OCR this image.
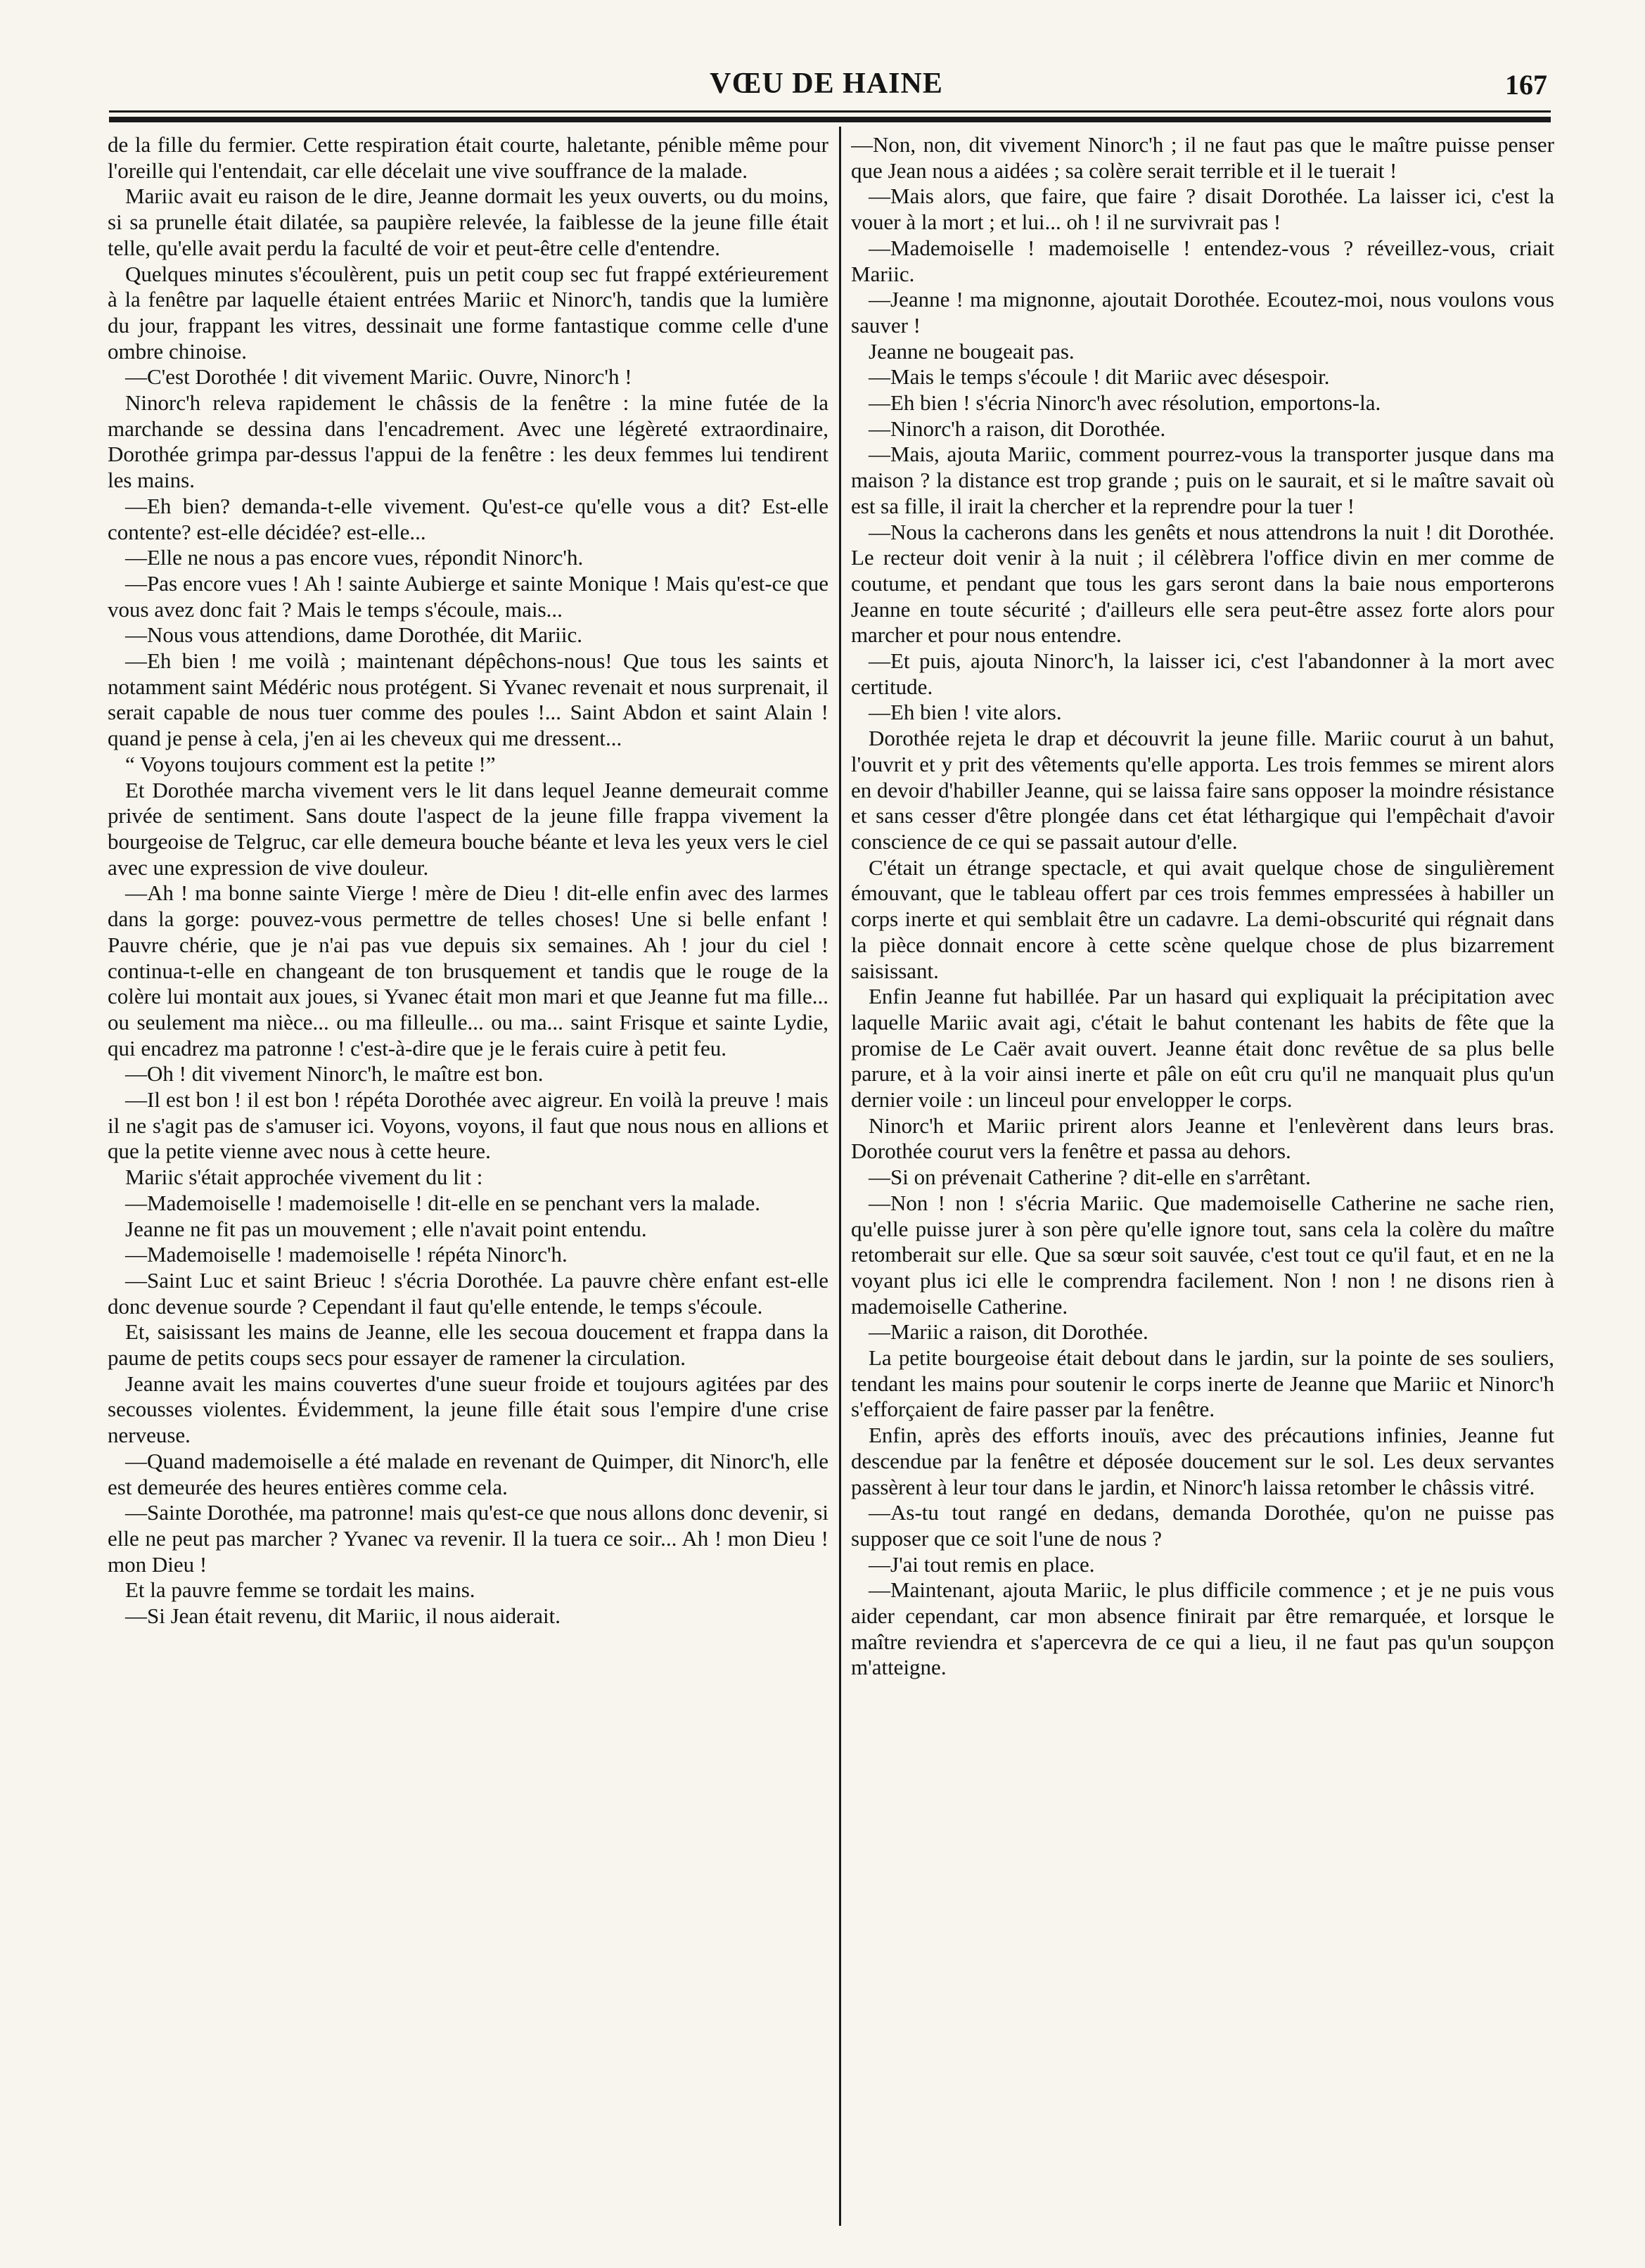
VŒU DE HAINE	167

de la fille du fermier. Cette respiration était courte, haletante, pénible même pour l'oreille qui l'entendait, car elle décelait une vive souffrance de la malade.

Mariic avait eu raison de le dire, Jeanne dormait les yeux ouverts, ou du moins, si sa prunelle était dilatée, sa paupière relevée, la faiblesse de la jeune fille était telle, qu'elle avait perdu la faculté de voir et peut-être celle d'entendre.

Quelques minutes s'écoulèrent, puis un petit coup sec fut frappé extérieurement à la fenêtre par laquelle étaient entrées Mariic et Ninorc'h, tandis que la lumière du jour, frappant les vitres, dessinait une forme fantastique comme celle d'une ombre chinoise.

—C'est Dorothée ! dit vivement Mariic. Ouvre, Ninorc'h !

Ninorc'h releva rapidement le châssis de la fenêtre : la mine futée de la marchande se dessina dans l'encadrement. Avec une légèreté extraordinaire, Dorothée grimpa par-dessus l'appui de la fenêtre : les deux femmes lui tendirent les mains.

—Eh bien? demanda-t-elle vivement. Qu'est-ce qu'elle vous a dit? Est-elle contente? est-elle décidée? est-elle...

—Elle ne nous a pas encore vues, répondit Ninorc'h.

—Pas encore vues ! Ah ! sainte Aubierge et sainte Monique ! Mais qu'est-ce que vous avez donc fait ? Mais le temps s'écoule, mais...

—Nous vous attendions, dame Dorothée, dit Mariic.

—Eh bien ! me voilà ; maintenant dépêchons-nous! Que tous les saints et notamment saint Médéric nous protégent. Si Yvanec revenait et nous surprenait, il serait capable de nous tuer comme des poules !... Saint Abdon et saint Alain ! quand je pense à cela, j'en ai les cheveux qui me dressent...

“ Voyons toujours comment est la petite !”

Et Dorothée marcha vivement vers le lit dans lequel Jeanne demeurait comme privée de sentiment. Sans doute l'aspect de la jeune fille frappa vivement la bourgeoise de Telgruc, car elle demeura bouche béante et leva les yeux vers le ciel avec une expression de vive douleur.

—Ah ! ma bonne sainte Vierge ! mère de Dieu ! dit-elle enfin avec des larmes dans la gorge: pouvez-vous permettre de telles choses! Une si belle enfant ! Pauvre chérie, que je n'ai pas vue depuis six semaines. Ah ! jour du ciel ! continua-t-elle en changeant de ton brusquement et tandis que le rouge de la colère lui montait aux joues, si Yvanec était mon mari et que Jeanne fut ma fille... ou seulement ma nièce... ou ma filleulle... ou ma... saint Frisque et sainte Lydie, qui encadrez ma patronne ! c'est-à-dire que je le ferais cuire à petit feu.

—Oh ! dit vivement Ninorc'h, le maître est bon.

—Il est bon ! il est bon ! répéta Dorothée avec aigreur. En voilà la preuve ! mais il ne s'agit pas de s'amuser ici. Voyons, voyons, il faut que nous nous en allions et que la petite vienne avec nous à cette heure.

Mariic s'était approchée vivement du lit :

—Mademoiselle ! mademoiselle ! dit-elle en se penchant vers la malade.

Jeanne ne fit pas un mouvement ; elle n'avait point entendu.

—Mademoiselle ! mademoiselle ! répéta Ninorc'h.

—Saint Luc et saint Brieuc ! s'écria Dorothée. La pauvre chère enfant est-elle donc devenue sourde ? Cependant il faut qu'elle entende, le temps s'écoule.

Et, saisissant les mains de Jeanne, elle les secoua doucement et frappa dans la paume de petits coups secs pour essayer de ramener la circulation.

Jeanne avait les mains couvertes d'une sueur froide et toujours agitées par des secousses violentes. Évidemment, la jeune fille était sous l'empire d'une crise nerveuse.

—Quand mademoiselle a été malade en revenant de Quimper, dit Ninorc'h, elle est demeurée des heures entières comme cela.

—Sainte Dorothée, ma patronne! mais qu'est-ce que nous allons donc devenir, si elle ne peut pas marcher ? Yvanec va revenir. Il la tuera ce soir... Ah ! mon Dieu ! mon Dieu !

Et la pauvre femme se tordait les mains.

—Si Jean était revenu, dit Mariic, il nous aiderait.

—Non, non, dit vivement Ninorc'h ; il ne faut pas que le maître puisse penser que Jean nous a aidées ; sa colère serait terrible et il le tuerait !

—Mais alors, que faire, que faire ? disait Dorothée. La laisser ici, c'est la vouer à la mort ; et lui... oh ! il ne survivrait pas !

—Mademoiselle ! mademoiselle ! entendez-vous ? réveillez-vous, criait Mariic.

—Jeanne ! ma mignonne, ajoutait Dorothée. Ecoutez-moi, nous voulons vous sauver !

Jeanne ne bougeait pas.

—Mais le temps s'écoule ! dit Mariic avec désespoir.

—Eh bien ! s'écria Ninorc'h avec résolution, emportons-la.

—Ninorc'h a raison, dit Dorothée.

—Mais, ajouta Mariic, comment pourrez-vous la transporter jusque dans ma maison ? la distance est trop grande ; puis on le saurait, et si le maître savait où est sa fille, il irait la chercher et la reprendre pour la tuer !

—Nous la cacherons dans les genêts et nous attendrons la nuit ! dit Dorothée. Le recteur doit venir à la nuit ; il célèbrera l'office divin en mer comme de coutume, et pendant que tous les gars seront dans la baie nous emporterons Jeanne en toute sécurité ; d'ailleurs elle sera peut-être assez forte alors pour marcher et pour nous entendre.

—Et puis, ajouta Ninorc'h, la laisser ici, c'est l'abandonner à la mort avec certitude.

—Eh bien ! vite alors.

Dorothée rejeta le drap et découvrit la jeune fille. Mariic courut à un bahut, l'ouvrit et y prit des vêtements qu'elle apporta. Les trois femmes se mirent alors en devoir d'habiller Jeanne, qui se laissa faire sans opposer la moindre résistance et sans cesser d'être plongée dans cet état léthargique qui l'empêchait d'avoir conscience de ce qui se passait autour d'elle.

C'était un étrange spectacle, et qui avait quelque chose de singulièrement émouvant, que le tableau offert par ces trois femmes empressées à habiller un corps inerte et qui semblait être un cadavre. La demi-obscurité qui régnait dans la pièce donnait encore à cette scène quelque chose de plus bizarrement saisissant.

Enfin Jeanne fut habillée. Par un hasard qui expliquait la précipitation avec laquelle Mariic avait agi, c'était le bahut contenant les habits de fête que la promise de Le Caër avait ouvert. Jeanne était donc revêtue de sa plus belle parure, et à la voir ainsi inerte et pâle on eût cru qu'il ne manquait plus qu'un dernier voile : un linceul pour envelopper le corps.

Ninorc'h et Mariic prirent alors Jeanne et l'enlevèrent dans leurs bras. Dorothée courut vers la fenêtre et passa au dehors.

—Si on prévenait Catherine ? dit-elle en s'arrêtant.

—Non ! non ! s'écria Mariic. Que mademoiselle Catherine ne sache rien, qu'elle puisse jurer à son père qu'elle ignore tout, sans cela la colère du maître retomberait sur elle. Que sa sœur soit sauvée, c'est tout ce qu'il faut, et en ne la voyant plus ici elle le comprendra facilement. Non ! non ! ne disons rien à mademoiselle Catherine.

—Mariic a raison, dit Dorothée.

La petite bourgeoise était debout dans le jardin, sur la pointe de ses souliers, tendant les mains pour soutenir le corps inerte de Jeanne que Mariic et Ninorc'h s'efforçaient de faire passer par la fenêtre.

Enfin, après des efforts inouïs, avec des précautions infinies, Jeanne fut descendue par la fenêtre et déposée doucement sur le sol. Les deux servantes passèrent à leur tour dans le jardin, et Ninorc'h laissa retomber le châssis vitré.

—As-tu tout rangé en dedans, demanda Dorothée, qu'on ne puisse pas supposer que ce soit l'une de nous ?

—J'ai tout remis en place.

—Maintenant, ajouta Mariic, le plus difficile commence ; et je ne puis vous aider cependant, car mon absence finirait par être remarquée, et lorsque le maître reviendra et s'apercevra de ce qui a lieu, il ne faut pas qu'un soupçon m'atteigne.
